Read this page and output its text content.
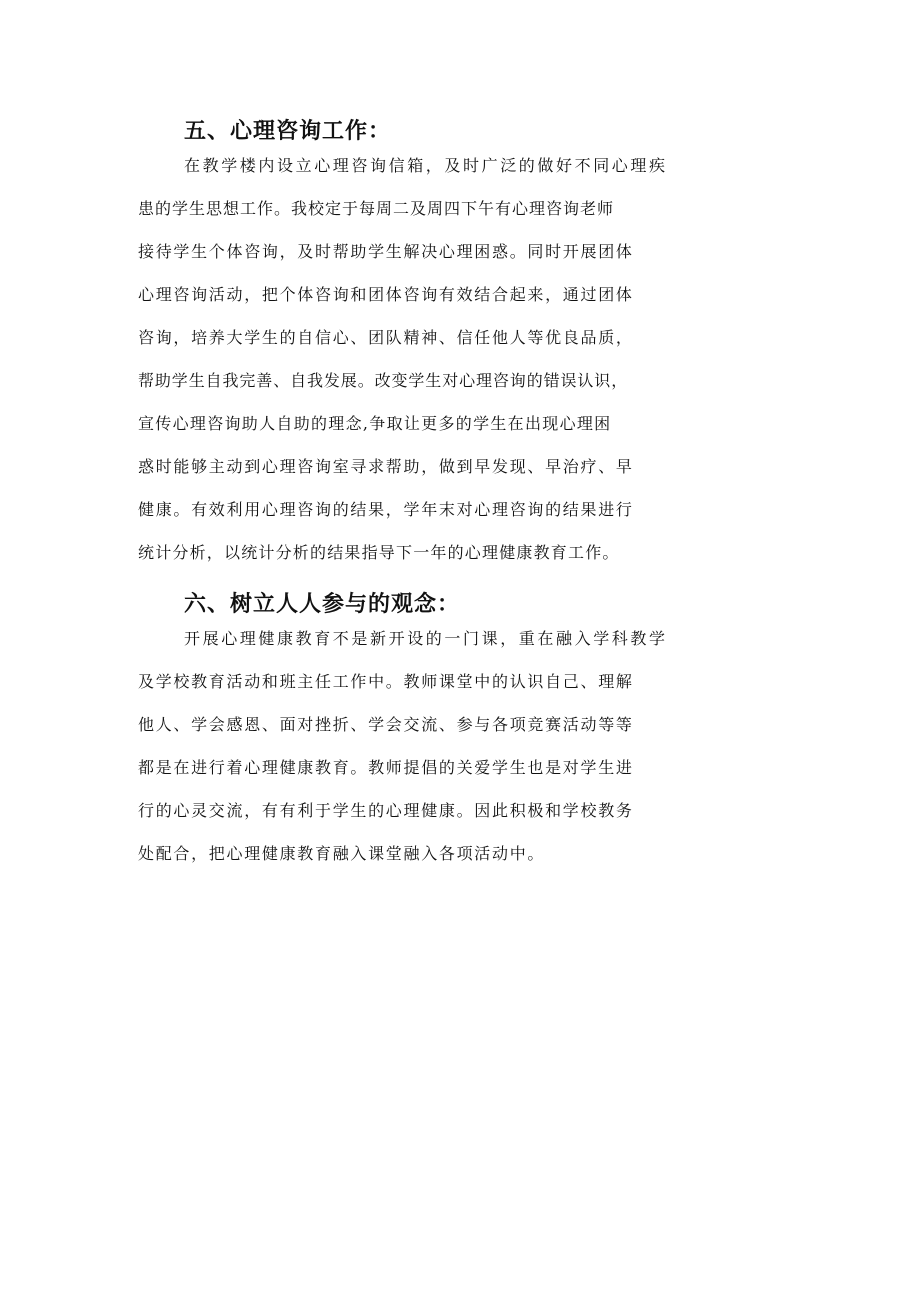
五、心理咨询工作：
在教学楼内设立心理咨询信箱，及时广泛的做好不同心理疾
患的学生思想工作。我校定于每周二及周四下午有心理咨询老师
接待学生个体咨询，及时帮助学生解决心理困惑。同时开展团体
心理咨询活动，把个体咨询和团体咨询有效结合起来，通过团体
咨询，培养大学生的自信心、团队精神、信任他人等优良品质，
帮助学生自我完善、自我发展。改变学生对心理咨询的错误认识，
宣传心理咨询助人自助的理念,争取让更多的学生在出现心理困
惑时能够主动到心理咨询室寻求帮助，做到早发现、早治疗、早
健康。有效利用心理咨询的结果，学年末对心理咨询的结果进行
统计分析，以统计分析的结果指导下一年的心理健康教育工作。
六、树立人人参与的观念：
开展心理健康教育不是新开设的一门课，重在融入学科教学
及学校教育活动和班主任工作中。教师课堂中的认识自己、理解
他人、学会感恩、面对挫折、学会交流、参与各项竞赛活动等等
都是在进行着心理健康教育。教师提倡的关爱学生也是对学生进
行的心灵交流，有有利于学生的心理健康。因此积极和学校教务
处配合，把心理健康教育融入课堂融入各项活动中。
